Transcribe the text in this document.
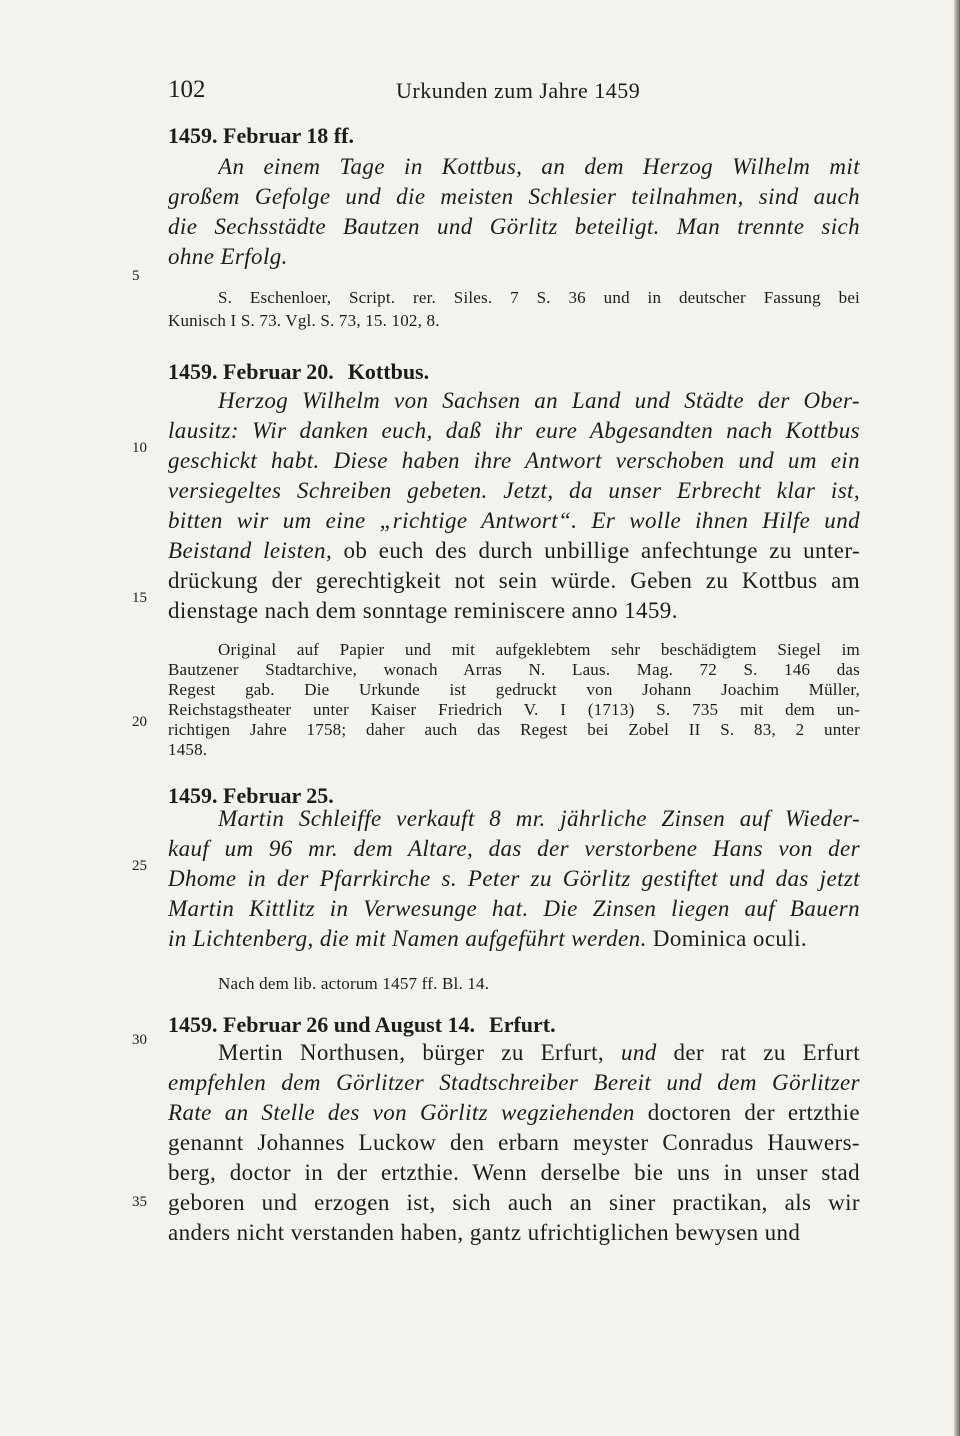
102	Urkunden zum Jahre 1459
5
10
15
20
25
30
35
1459. Februar 18 ff.
An einem Tage in Kottbus, an dem Herzog Wilhelm mit
großem Gefolge und die meisten Schlesier teilnahmen, sind auch
die Sechsstädte Bautzen und Görlitz beteiligt. Man trennte sich
ohne Erfolg.
S. Eschenloer, Script. rer. Siles. 7 S. 36 und in deutscher Fassung bei
Kunisch I S. 73. Vgl. S. 73, 15. 102, 8.
1459. Februar 20. Kottbus.
Herzog Wilhelm von Sachsen an Land und Städte der Ober-
lausitz: Wir danken euch, daß ihr eure Abgesandten nach Kottbus
geschickt habt. Diese haben ihre Antwort verschoben und um ein
versiegeltes Schreiben gebeten. Jetzt, da unser Erbrecht klar ist,
bitten wir um eine „richtige Antwort“. Er wolle ihnen Hilfe und
Beistand leisten, ob euch des durch unbillige anfechtunge zu unter-
drückung der gerechtigkeit not sein würde. Geben zu Kottbus am
dienstage nach dem sonntage reminiscere anno 1459.
Original auf Papier und mit aufgeklebtem sehr beschädigtem Siegel im
Bautzener Stadtarchive, wonach Arras N. Laus. Mag. 72 S. 146 das
Regest gab. Die Urkunde ist gedruckt von Johann Joachim Müller,
Reichstagstheater unter Kaiser Friedrich V. I (1713) S. 735 mit dem un-
richtigen Jahre 1758; daher auch das Regest bei Zobel II S. 83, 2 unter
1458.
1459. Februar 25.
Martin Schleiffe verkauft 8 mr. jährliche Zinsen auf Wieder-
kauf um 96 mr. dem Altare, das der verstorbene Hans von der
Dhome in der Pfarrkirche s. Peter zu Görlitz gestiftet und das jetzt
Martin Kittlitz in Verwesunge hat. Die Zinsen liegen auf Bauern
in Lichtenberg, die mit Namen aufgeführt werden. Dominica oculi.
Nach dem lib. actorum 1457 ff. Bl. 14.
1459. Februar 26 und August 14. Erfurt.
Mertin Northusen, bürger zu Erfurt, und der rat zu Erfurt
empfehlen dem Görlitzer Stadtschreiber Bereit und dem Görlitzer
Rate an Stelle des von Görlitz wegziehenden doctoren der ertzthie
genannt Johannes Luckow den erbarn meyster Conradus Hauwers-
berg, doctor in der ertzthie. Wenn derselbe bie uns in unser stad
geboren und erzogen ist, sich auch an siner practikan, als wir
anders nicht verstanden haben, gantz ufrichtiglichen bewysen und
